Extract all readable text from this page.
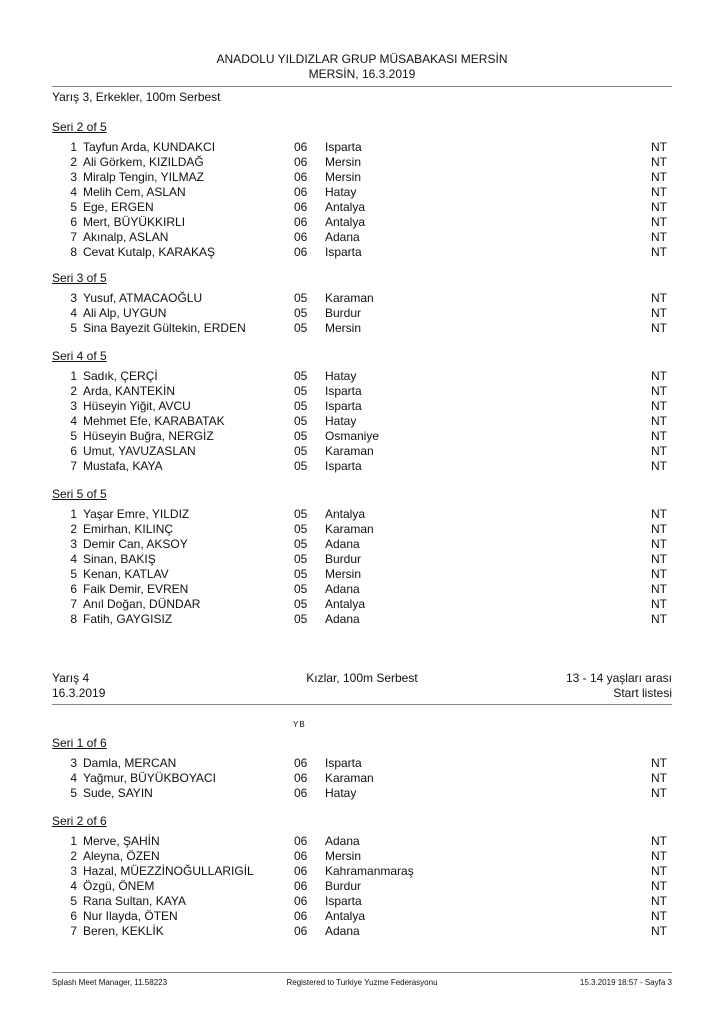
ANADOLU YILDIZLAR GRUP MÜSABAKASI MERSİN
MERSİN, 16.3.2019
Yarış 3, Erkekler, 100m Serbest
Seri 2 of 5
1 Tayfun Arda, KUNDAKCI	06 Isparta	NT
2 Ali Görkem, KIZILDAĞ	06 Mersin	NT
3 Miralp Tengin, YILMAZ	06 Mersin	NT
4 Melih Cem, ASLAN	06 Hatay	NT
5 Ege, ERGEN	06 Antalya	NT
6 Mert, BÜYÜKKIRLI	06 Antalya	NT
7 Akınalp, ASLAN	06 Adana	NT
8 Cevat Kutalp, KARAKAŞ	06 Isparta	NT
Seri 3 of 5
3 Yusuf, ATMACAOĞLU	05 Karaman	NT
4 Ali Alp, UYGUN	05 Burdur	NT
5 Sina Bayezit Gültekin, ERDEN	05 Mersin	NT
Seri 4 of 5
1 Sadık, ÇERÇİ	05 Hatay	NT
2 Arda, KANTEKİN	05 Isparta	NT
3 Hüseyin Yiğit, AVCU	05 Isparta	NT
4 Mehmet Efe, KARABATAK	05 Hatay	NT
5 Hüseyin Buğra, NERGİZ	05 Osmaniye	NT
6 Umut, YAVUZASLAN	05 Karaman	NT
7 Mustafa, KAYA	05 Isparta	NT
Seri 5 of 5
1 Yaşar Emre, YILDIZ	05 Antalya	NT
2 Emirhan, KILINÇ	05 Karaman	NT
3 Demir Can, AKSOY	05 Adana	NT
4 Sinan, BAKIŞ	05 Burdur	NT
5 Kenan, KATLAV	05 Mersin	NT
6 Faik Demir, EVREN	05 Adana	NT
7 Anıl Doğan, DÜNDAR	05 Antalya	NT
8 Fatih, GAYGISIZ	05 Adana	NT
Yarış 4
16.3.2019
Kızlar, 100m Serbest	13 - 14 yaşları arası
Start listesi
YB
Seri 1 of 6
3 Damla, MERCAN	06 Isparta	NT
4 Yağmur, BÜYÜKBOYACI	06 Karaman	NT
5 Sude, SAYIN	06 Hatay	NT
Seri 2 of 6
1 Merve, ŞAHİN	06 Adana	NT
2 Aleyna, ÖZEN	06 Mersin	NT
3 Hazal, MÜEZZİNOĞULLARIGİL	06 Kahramanmaraş	NT
4 Özgü, ÖNEM	06 Burdur	NT
5 Rana Sultan, KAYA	06 Isparta	NT
6 Nur Ilayda, ÖTEN	06 Antalya	NT
7 Beren, KEKLİK	06 Adana	NT
Splash Meet Manager, 11.58223	Registered to Turkiye Yuzme Federasyonu	15.3.2019 18:57 - Sayfa 3
